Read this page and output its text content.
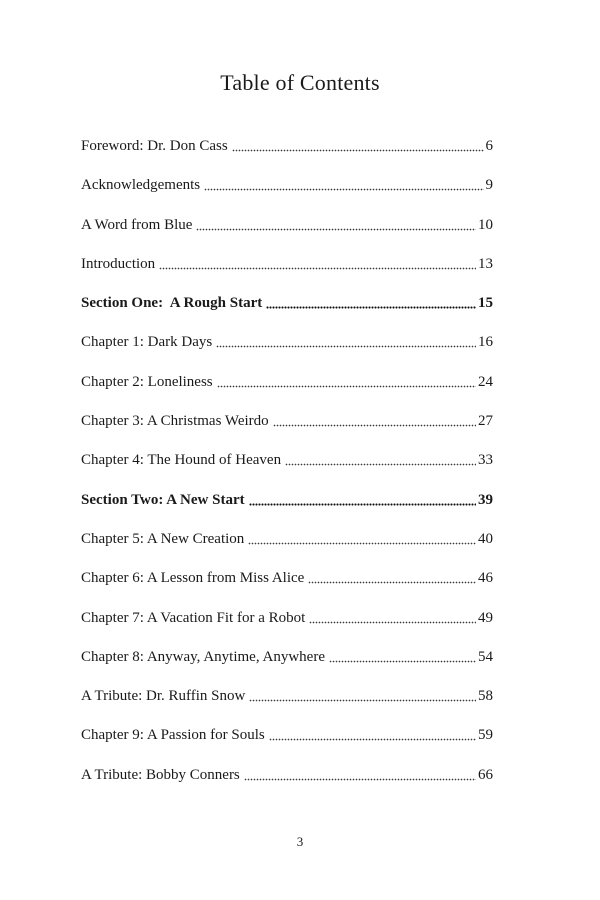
Table of Contents
Foreword: Dr. Don Cass	6
Acknowledgements	9
A Word from Blue	10
Introduction	13
Section One:  A Rough Start	15
Chapter 1: Dark Days	16
Chapter 2: Loneliness	24
Chapter 3: A Christmas Weirdo	27
Chapter 4: The Hound of Heaven	33
Section Two: A New Start	39
Chapter 5: A New Creation	40
Chapter 6: A Lesson from Miss Alice	46
Chapter 7: A Vacation Fit for a Robot	49
Chapter 8: Anyway, Anytime, Anywhere	54
A Tribute: Dr. Ruffin Snow	58
Chapter 9: A Passion for Souls	59
A Tribute: Bobby Conners	66
3
